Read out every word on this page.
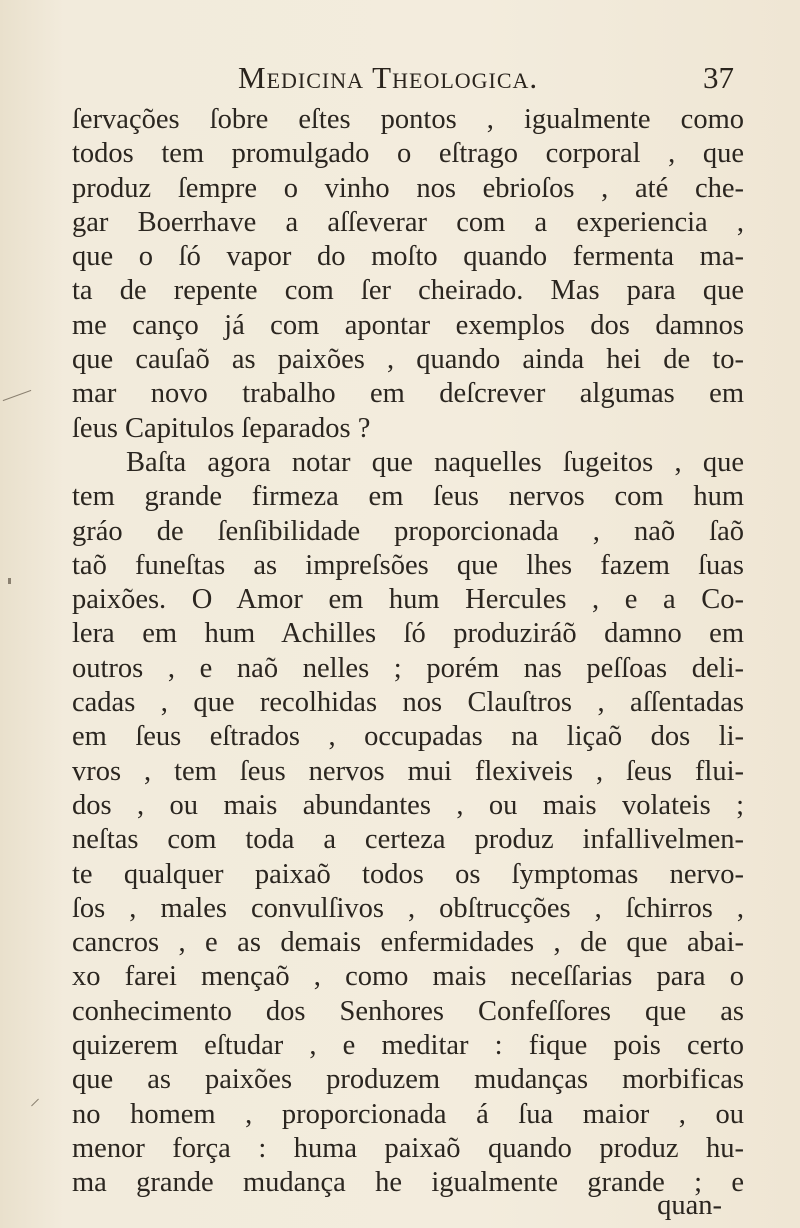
Medicina Theologica.	37
ſervações ſobre eſtes pontos , igualmente como
todos tem promulgado o eſtrago corporal , que
produz ſempre o vinho nos ebrioſos , até che-
gar Boerrhave a aſſeverar com a experiencia ,
que o ſó vapor do moſto quando fermenta ma-
ta de repente com ſer cheirado. Mas para que
me canço já com apontar exemplos dos damnos
que cauſaõ as paixões , quando ainda hei de to-
mar novo trabalho em deſcrever algumas em
ſeus Capitulos ſeparados ?
Baſta agora notar que naquelles ſugeitos , que
tem grande firmeza em ſeus nervos com hum
gráo de ſenſibilidade proporcionada , naõ ſaõ
taõ funeſtas as impreſsões que lhes fazem ſuas
paixões. O Amor em hum Hercules , e a Co-
lera em hum Achilles ſó produziráõ damno em
outros , e naõ nelles ; porém nas peſſoas deli-
cadas , que recolhidas nos Clauſtros , aſſentadas
em ſeus eſtrados , occupadas na liçaõ dos li-
vros , tem ſeus nervos mui flexiveis , ſeus flui-
dos , ou mais abundantes , ou mais volateis ;
neſtas com toda a certeza produz infallivelmen-
te qualquer paixaõ todos os ſymptomas nervo-
ſos , males convulſivos , obſtrucções , ſchirros ,
cancros , e as demais enfermidades , de que abai-
xo farei mençaõ , como mais neceſſarias para o
conhecimento dos Senhores Confeſſores que as
quizerem eſtudar , e meditar : fique pois certo
que as paixões produzem mudanças morbificas
no homem , proporcionada á ſua maior , ou
menor força : huma paixaõ quando produz hu-
ma grande mudança he igualmente grande ; e
quan-
